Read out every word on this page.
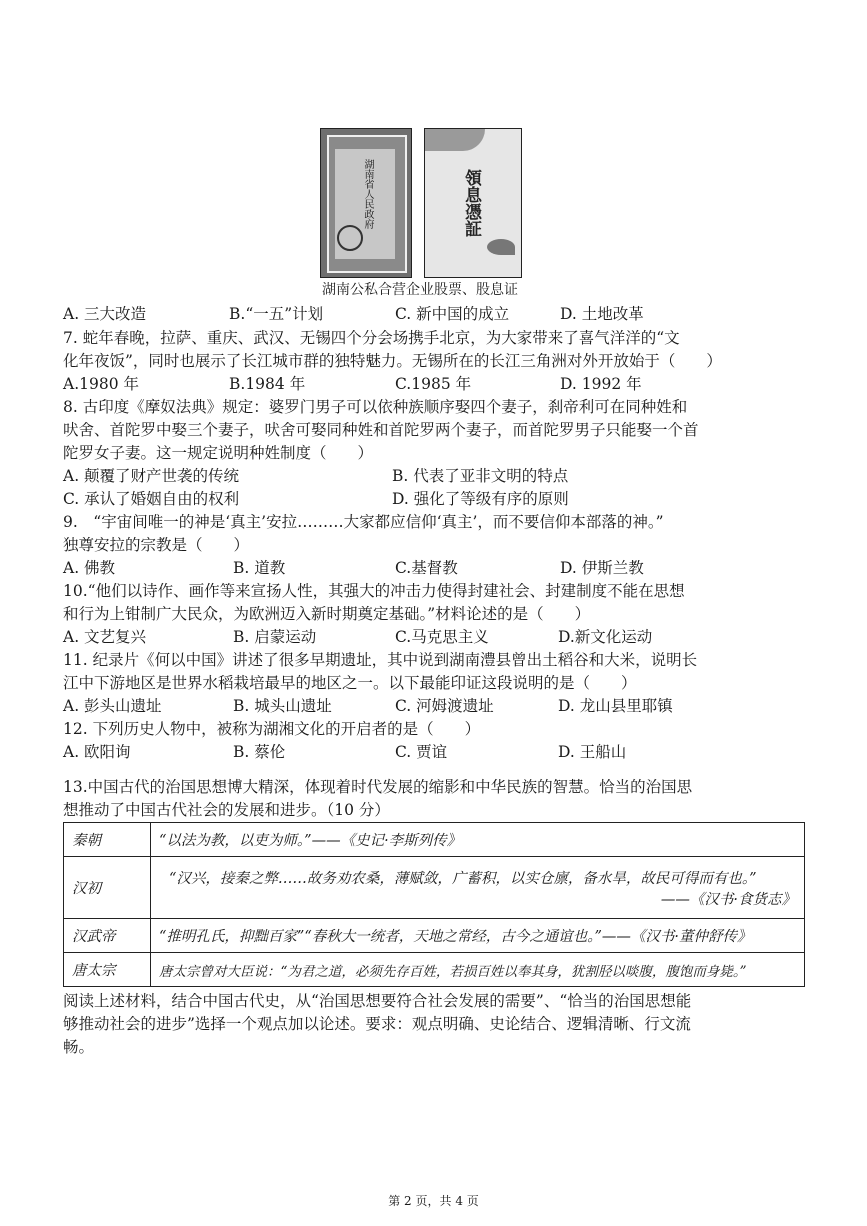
湖南省人民政府	領息憑証
湖南公私合营企业股票、股息证
A. 三大改造	B.“一五”计划	C. 新中国的成立	D. 土地改革
7. 蛇年春晚，拉萨、重庆、武汉、无锡四个分会场携手北京，为大家带来了喜气洋洋的“文
化年夜饭”，同时也展示了长江城市群的独特魅力。无锡所在的长江三角洲对外开放始于（　　）
A.1980 年	B.1984 年	C.1985 年	D. 1992 年
8. 古印度《摩奴法典》规定：婆罗门男子可以依种族顺序娶四个妻子，刹帝利可在同种姓和
吠舍、首陀罗中娶三个妻子，吠舍可娶同种姓和首陀罗两个妻子，而首陀罗男子只能娶一个首
陀罗女子妻。这一规定说明种姓制度（　　）
A. 颠覆了财产世袭的传统	B. 代表了亚非文明的特点
C. 承认了婚姻自由的权利	D. 强化了等级有序的原则
9.　“宇宙间唯一的神是‘真主’安拉………大家都应信仰‘真主’，而不要信仰本部落的神。”
独尊安拉的宗教是（　　）
A. 佛教	B. 道教	C.基督教	D. 伊斯兰教
10.“他们以诗作、画作等来宣扬人性，其强大的冲击力使得封建社会、封建制度不能在思想
和行为上钳制广大民众，为欧洲迈入新时期奠定基础。”材料论述的是（　　）
A. 文艺复兴	B. 启蒙运动	C.马克思主义	D.新文化运动
11. 纪录片《何以中国》讲述了很多早期遗址，其中说到湖南澧县曾出土稻谷和大米，说明长
江中下游地区是世界水稻栽培最早的地区之一。以下最能印证这段说明的是（　　）
A. 彭头山遗址	B. 城头山遗址	C. 河姆渡遗址	D. 龙山县里耶镇
12. 下列历史人物中，被称为湖湘文化的开启者的是（　　）
A. 欧阳询	B. 蔡伦	C. 贾谊	D. 王船山
13.中国古代的治国思想博大精深，体现着时代发展的缩影和中华民族的智慧。恰当的治国思
想推动了中国古代社会的发展和进步。（10 分）
秦朝	“以法为教，以吏为师。”——《史记·李斯列传》
汉初	“汉兴，接秦之弊……故务劝农桑，薄赋敛，广蓄积，以实仓廪，备水旱，故民可得而有也。”
——《汉书·食货志》

汉武帝	“推明孔氏，抑黜百家”“春秋大一统者，天地之常经，古今之通谊也。”——《汉书·董仲舒传》
唐太宗	唐太宗曾对大臣说：“为君之道，必须先存百姓，若损百姓以奉其身，犹割胫以啖腹，腹饱而身毙。”
阅读上述材料，结合中国古代史，从“治国思想要符合社会发展的需要”、“恰当的治国思想能
够推动社会的进步”选择一个观点加以论述。要求：观点明确、史论结合、逻辑清晰、行文流
畅。
第 2 页，共 4 页
